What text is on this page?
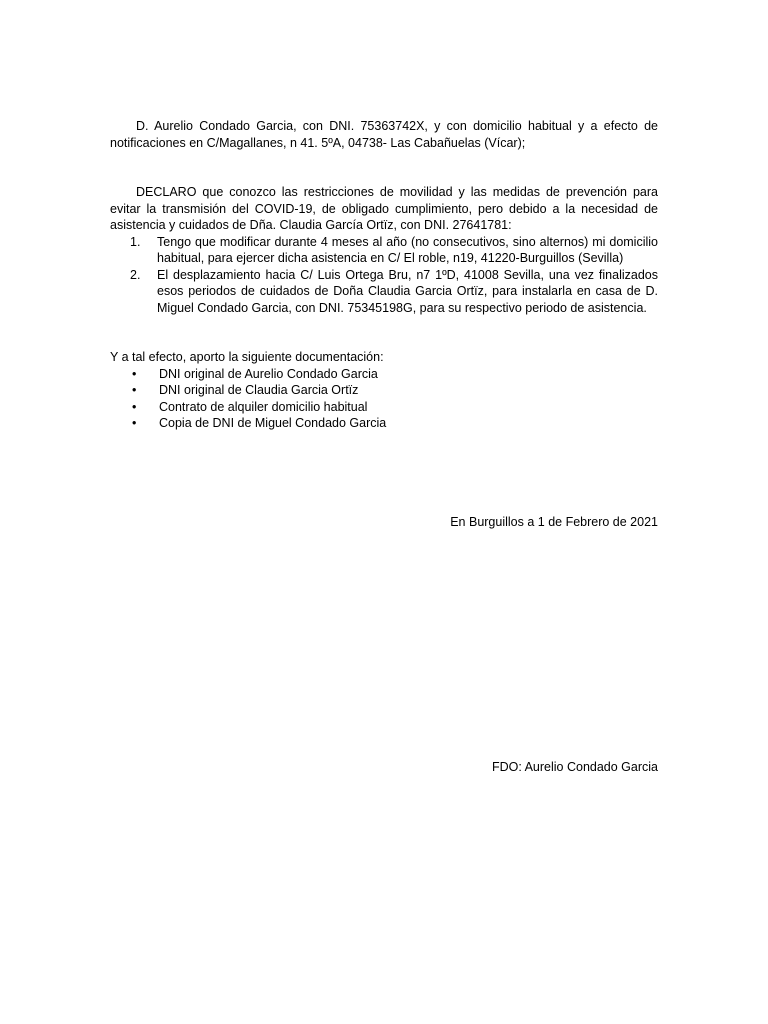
D. Aurelio Condado Garcia, con DNI. 75363742X, y con domicilio habitual y a efecto de notificaciones en C/Magallanes, n 41. 5ºA, 04738- Las Cabañuelas (Vícar);

DECLARO que conozco las restricciones de movilidad y las medidas de prevención para evitar la transmisión del COVID-19, de obligado cumplimiento, pero debido a la necesidad de asistencia y cuidados de Dña. Claudia García Ortïz, con DNI. 27641781:

1. Tengo que modificar durante 4 meses al año (no consecutivos, sino alternos) mi domicilio habitual, para ejercer dicha asistencia en C/ El roble, n19, 41220-Burguillos (Sevilla)
2. El desplazamiento hacia C/ Luis Ortega Bru, n7 1ºD, 41008 Sevilla, una vez finalizados esos periodos de cuidados de Doña Claudia Garcia Ortïz, para instalarla en casa de D. Miguel Condado Garcia, con DNI. 75345198G, para su respectivo periodo de asistencia.

Y a tal efecto, aporto la siguiente documentación:

• DNI original de Aurelio Condado Garcia
• DNI original de Claudia Garcia Ortïz
• Contrato de alquiler domicilio habitual
• Copia de DNI de Miguel Condado Garcia
En Burguillos a 1 de Febrero de 2021
FDO: Aurelio Condado Garcia
